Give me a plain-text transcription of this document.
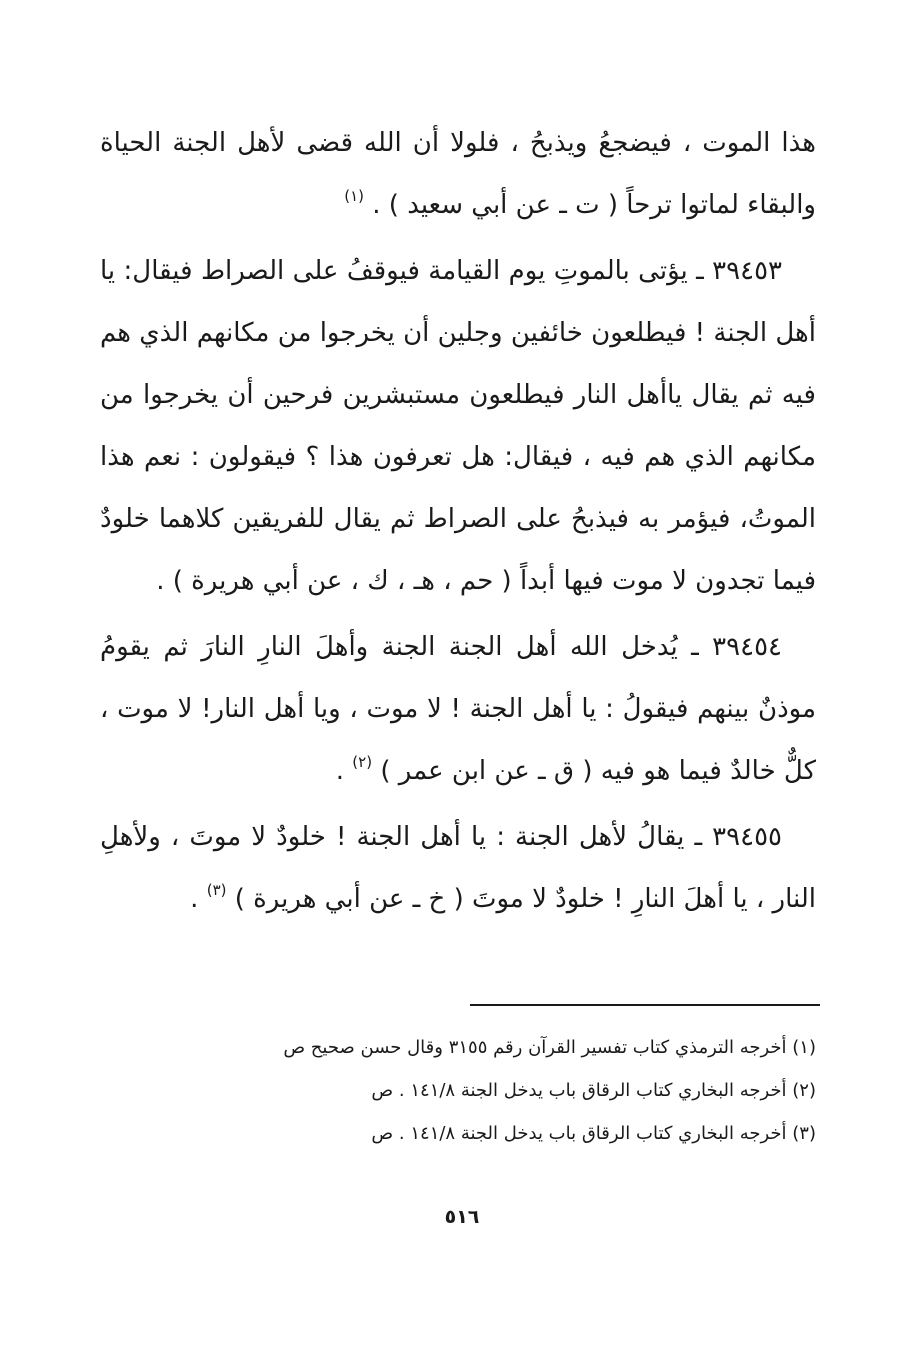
هذا الموت ، فيضجعُ ويذبحُ ، فلولا أن الله قضى لأهل الجنة الحياة والبقاء لماتوا ترحاً ( ت ـ عن أبي سعيد ) . $^{(١)}$

٣٩٤٥٣ ـ يؤتى بالموتِ يوم القيامة فيوقفُ على الصراط فيقال: يا أهل الجنة ! فيطلعون خائفين وجلين أن يخرجوا من مكانهم الذي هم فيه ثم يقال ياأهل النار فيطلعون مستبشرين فرحين أن يخرجوا من مكانهم الذي هم فيه ، فيقال: هل تعرفون هذا ؟ فيقولون : نعم هذا الموتُ، فيؤمر به فيذبحُ على الصراط ثم يقال للفريقين كلاهما خلودٌ فيما تجدون لا موت فيها أبداً ( حم ، هـ ، ك ، عن أبي هريرة ) .

٣٩٤٥٤ ـ يُدخل الله أهل الجنة الجنة وأهلَ النارِ النارَ ثم يقومُ موذنٌ بينهم فيقولُ : يا أهل الجنة ! لا موت ، ويا أهل النار! لا موت ، كلٌّ خالدٌ فيما هو فيه ( ق ـ عن ابن عمر ) $^{(٢)}$ .

٣٩٤٥٥ ـ يقالُ لأهل الجنة : يا أهل الجنة ! خلودٌ لا موتَ ، ولأهلِ النار ، يا أهلَ النارِ ! خلودٌ لا موتَ ( خ ـ عن أبي هريرة ) $^{(٣)}$ .

(١) أخرجه الترمذي كتاب تفسير القرآن رقم ٣١٥٥ وقال حسن صحيح ص

(٢) أخرجه البخاري كتاب الرقاق باب يدخل الجنة ١٤١/٨ . ص

(٣) أخرجه البخاري كتاب الرقاق باب يدخل الجنة ١٤١/٨ . ص

٥١٦
